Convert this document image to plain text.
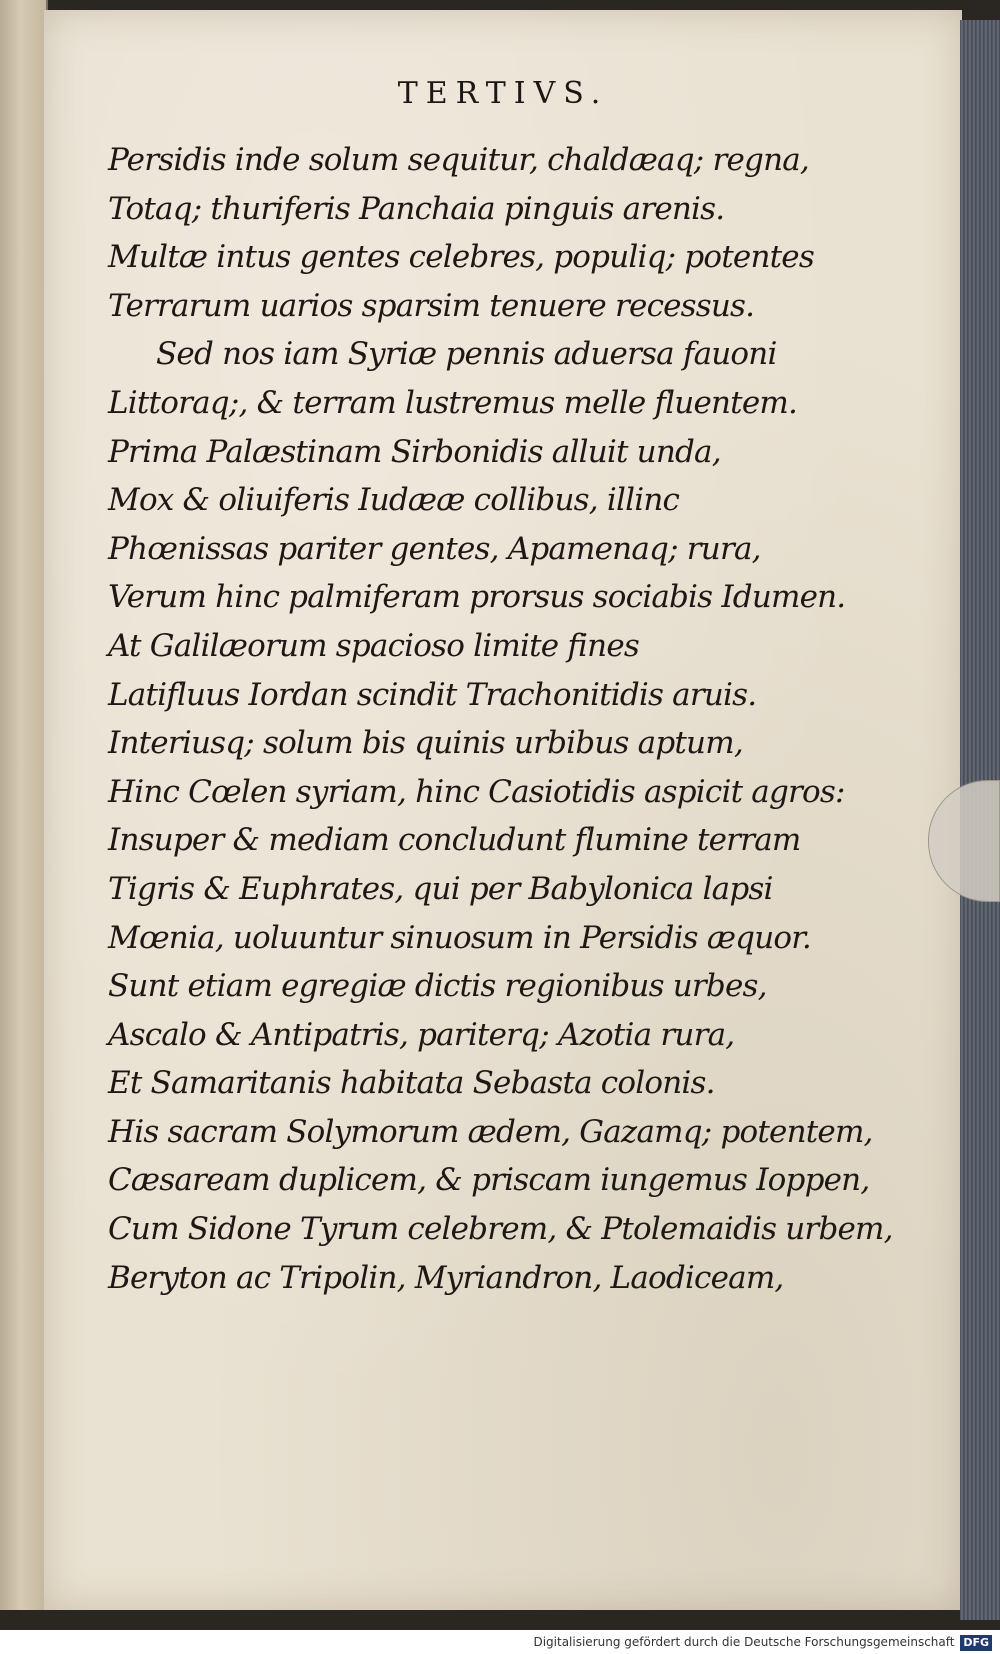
TERTIVS.
Persidis inde solum sequitur, chaldæaq; regna,
Totaq; thuriferis Panchaia pinguis arenis.
Multæ intus gentes celebres, populiq; potentes
Terrarum uarios sparsim tenuere recessus.
Sed nos iam Syriæ pennis aduersa fauoni
Littoraq;, & terram lustremus melle fluentem.
Prima Palæstinam Sirbonidis alluit unda,
Mox & oliuiferis Iudææ collibus, illinc
Phœnissas pariter gentes, Apamenaq; rura,
Verum hinc palmiferam prorsus sociabis Idumen.
At Galilæorum spacioso limite fines
Latifluus Iordan scindit Trachonitidis aruis.
Interiusq; solum bis quinis urbibus aptum,
Hinc Cœlen syriam, hinc Casiotidis aspicit agros:
Insuper & mediam concludunt flumine terram
Tigris & Euphrates, qui per Babylonica lapsi
Mœnia, uoluuntur sinuosum in Persidis æquor.
Sunt etiam egregiæ dictis regionibus urbes,
Ascalo & Antipatris, pariterq; Azotia rura,
Et Samaritanis habitata Sebasta colonis.
His sacram Solymorum ædem, Gazamq; potentem,
Cæsaream duplicem, & priscam iungemus Ioppen,
Cum Sidone Tyrum celebrem, & Ptolemaidis urbem,
Beryton ac Tripolin, Myriandron, Laodiceam,
Digitalisierung gefördert durch die Deutsche Forschungsgemeinschaft DFG
